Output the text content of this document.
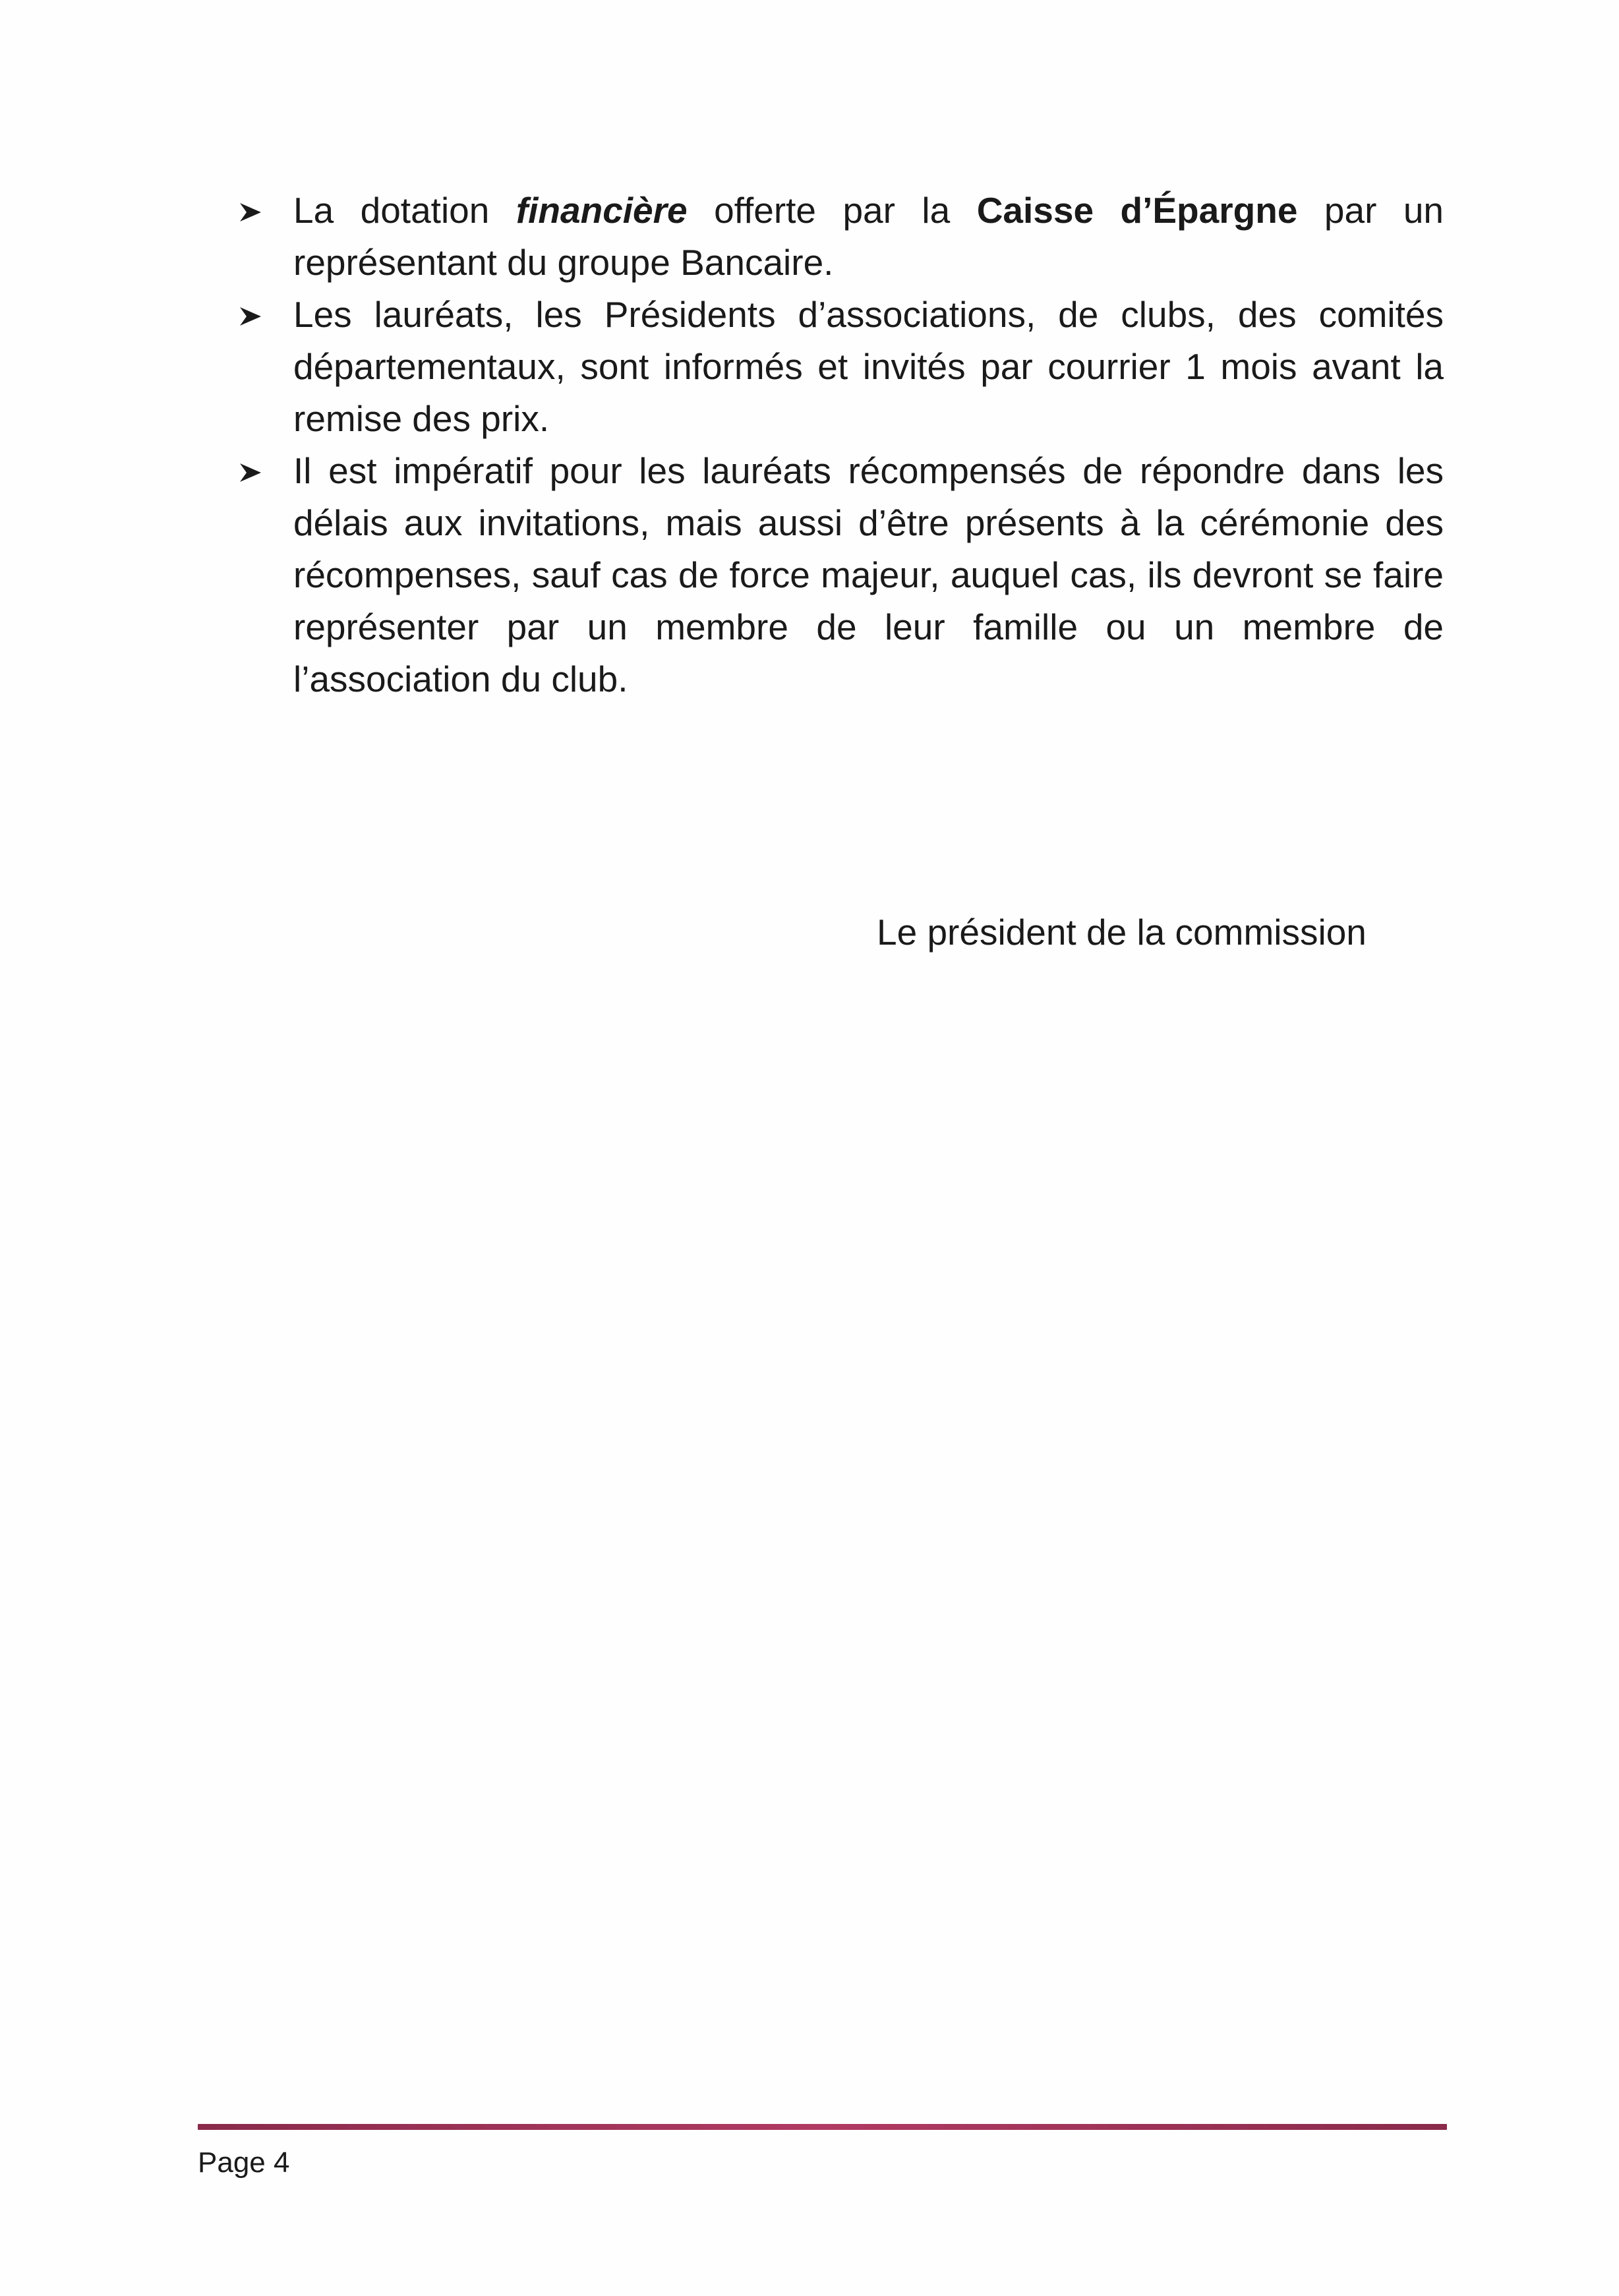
La dotation financière offerte par la Caisse d’Épargne par un représentant du groupe Bancaire.
Les lauréats, les Présidents d’associations, de clubs, des comités départementaux, sont informés et invités par courrier 1 mois avant la remise des prix.
Il est impératif pour les lauréats récompensés de répondre dans les délais aux invitations, mais aussi d’être présents à la cérémonie des récompenses, sauf cas de force majeur, auquel cas, ils devront se faire représenter par un membre de leur famille ou un membre de l’association du club.
Le président de la commission
Page 4
